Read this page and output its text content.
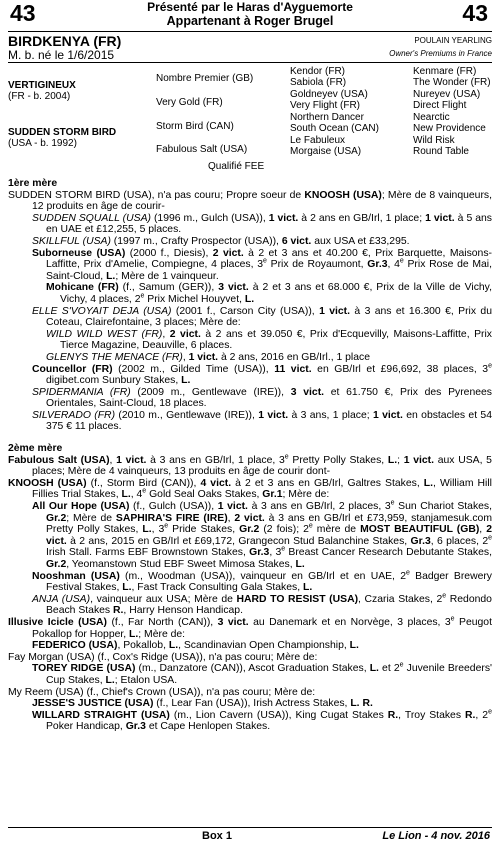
43	43
Présenté par le Haras d'Ayguemorte
Appartenant à Roger Brugel
BIRDKENYA (FR)
M. b. né le 1/6/2015
POULAIN YEARLING
Owner's Premiums in France
VERTIGINEUX
(FR - b. 2004)
SUDDEN STORM BIRD
(USA - b. 1992)
Nombre Premier (GB)
Very Gold (FR)
Storm Bird (CAN)
Fabulous Salt (USA)
Kendor (FR)
Sabiola (FR)
Goldneyev (USA)
Very Flight (FR)
Northern Dancer
South Ocean (CAN)
Le Fabuleux
Morgaise (USA)
Kenmare (FR)
The Wonder (FR)
Nureyev (USA)
Direct Flight
Nearctic
New Providence
Wild Risk
Round Table
Qualifié FEE
1ère mère

SUDDEN STORM BIRD (USA), n'a pas couru; Propre soeur de KNOOSH (USA); Mère de 8 vainqueurs, 12 produits en âge de courir-

SUDDEN SQUALL (USA) (1996 m., Gulch (USA)), 1 vict. à 2 ans en GB/Irl, 1 place; 1 vict. à 5 ans en UAE et £12,255, 5 places.

SKILLFUL (USA) (1997 m., Crafty Prospector (USA)), 6 vict. aux USA et £33,295.

Suborneuse (USA) (2000 f., Diesis), 2 vict. à 2 et 3 ans et 40.200 €, Prix Barquette, Maisons-Laffitte, Prix d'Amelie, Compiegne, 4 places, 3e Prix de Royaumont, Gr.3, 4e Prix Rose de Mai, Saint-Cloud, L.; Mère de 1 vainqueur.

Mohicane (FR) (f., Samum (GER)), 3 vict. à 2 et 3 ans et 68.000 €, Prix de la Ville de Vichy, Vichy, 4 places, 2e Prix Michel Houyvet, L.

ELLE S'VOYAIT DEJA (USA) (2001 f., Carson City (USA)), 1 vict. à 3 ans et 16.300 €, Prix du Coteau, Clairefontaine, 3 places; Mère de:

WILD WILD WEST (FR), 2 vict. à 2 ans et 39.050 €, Prix d'Ecquevilly, Maisons-Laffitte, Prix Tierce Magazine, Deauville, 6 places.

GLENYS THE MENACE (FR), 1 vict. à 2 ans, 2016 en GB/Irl., 1 place

Councellor (FR) (2002 m., Gilded Time (USA)), 11 vict. en GB/Irl et £96,692, 38 places, 3e digibet.com Sunbury Stakes, L.

SPIDERMANIA (FR) (2009 m., Gentlewave (IRE)), 3 vict. et 61.750 €, Prix des Pyrenees Orientales, Saint-Cloud, 18 places.

SILVERADO (FR) (2010 m., Gentlewave (IRE)), 1 vict. à 3 ans, 1 place; 1 vict. en obstacles et 54 375 € 11 places.

2ème mère

Fabulous Salt (USA), 1 vict. à 3 ans en GB/Irl, 1 place, 3e Pretty Polly Stakes, L.; 1 vict. aux USA, 5 places; Mère de 4 vainqueurs, 13 produits en âge de courir dont-

KNOOSH (USA) (f., Storm Bird (CAN)), 4 vict. à 2 et 3 ans en GB/Irl, Galtres Stakes, L., William Hill Fillies Trial Stakes, L., 4e Gold Seal Oaks Stakes, Gr.1; Mère de:

All Our Hope (USA) (f., Gulch (USA)), 1 vict. à 3 ans en GB/Irl, 2 places, 3e Sun Chariot Stakes, Gr.2; Mère de SAPHIRA'S FIRE (IRE), 2 vict. à 3 ans en GB/Irl et £73,959, stanjamesuk.com Pretty Polly Stakes, L., 3e Pride Stakes, Gr.2 (2 fois); 2e mère de MOST BEAUTIFUL (GB), 2 vict. à 2 ans, 2015 en GB/Irl et £69,172, Grangecon Stud Balanchine Stakes, Gr.3, 6 places, 2e Irish Stall. Farms EBF Brownstown Stakes, Gr.3, 3e Breast Cancer Research Debutante Stakes, Gr.2, Yeomanstown Stud EBF Sweet Mimosa Stakes, L.

Nooshman (USA) (m., Woodman (USA)), vainqueur en GB/Irl et en UAE, 2e Badger Brewery Festival Stakes, L., Fast Track Consulting Gala Stakes, L.

ANJA (USA), vainqueur aux USA; Mère de HARD TO RESIST (USA), Czaria Stakes, 2e Redondo Beach Stakes R., Harry Henson Handicap.

Illusive Icicle (USA) (f., Far North (CAN)), 3 vict. au Danemark et en Norvège, 3 places, 3e Peugot Pokallop for Hopper, L.; Mère de:

FEDERICO (USA), Pokallob, L., Scandinavian Open Championship, L.

Fay Morgan (USA) (f., Cox's Ridge (USA)), n'a pas couru; Mère de:

TOREY RIDGE (USA) (m., Danzatore (CAN)), Ascot Graduation Stakes, L. et 2e Juvenile Breeders' Cup Stakes, L.; Etalon USA.

My Reem (USA) (f., Chief's Crown (USA)), n'a pas couru; Mère de:

JESSE'S JUSTICE (USA) (f., Lear Fan (USA)), Irish Actress Stakes, L. R.

WILLARD STRAIGHT (USA) (m., Lion Cavern (USA)), King Cugat Stakes R., Troy Stakes R., 2e Poker Handicap, Gr.3 et Cape Henlopen Stakes.

Box 1	Le Lion - 4 nov. 2016
